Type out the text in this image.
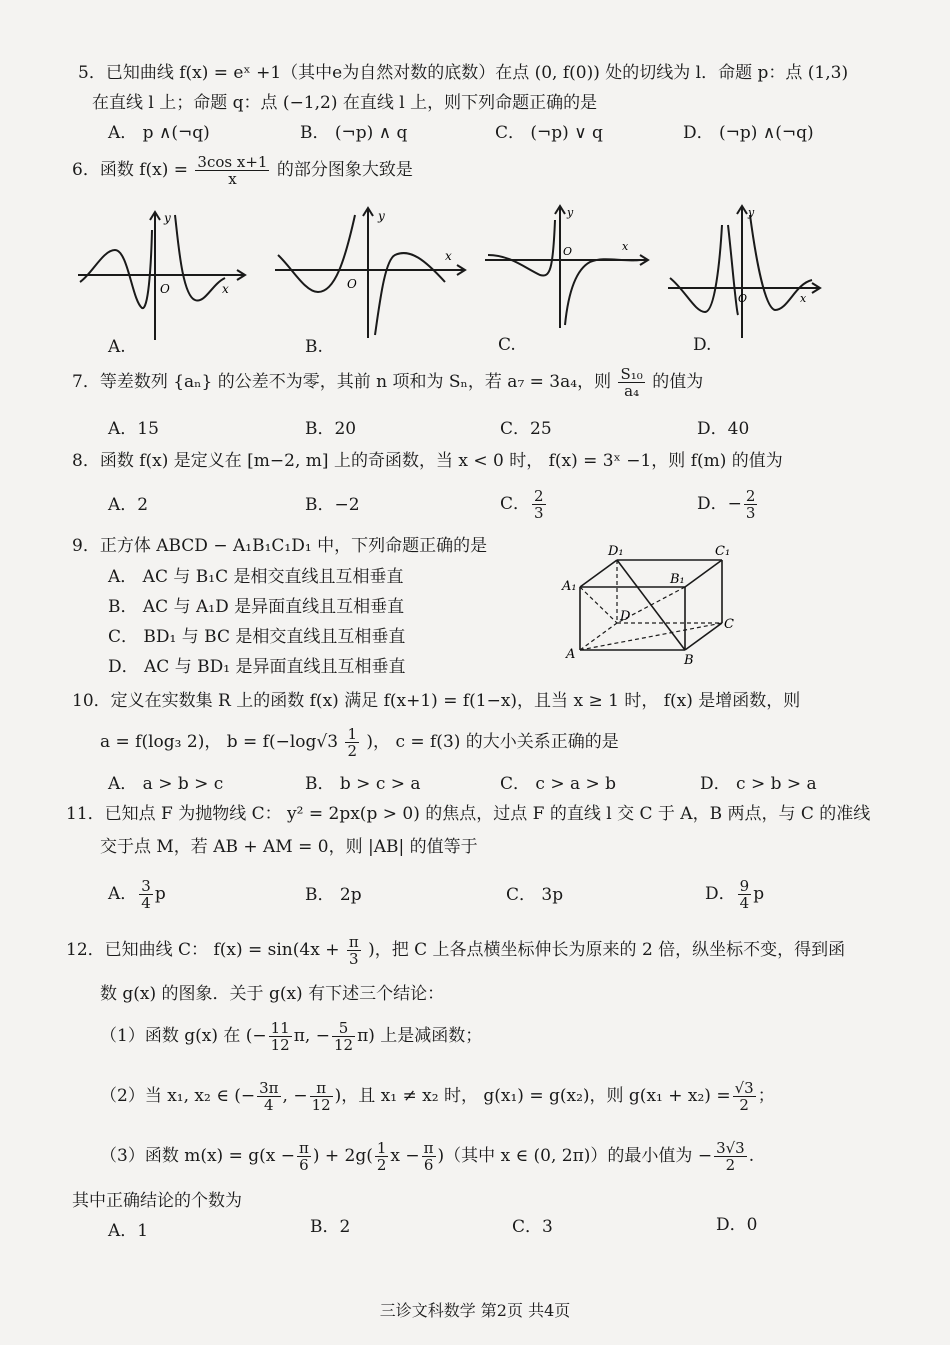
5．已知曲线 f(x) = eˣ +1（其中e为自然对数的底数）在点 (0, f(0)) 处的切线为 l．命题 p：点 (1,3)
在直线 l 上；命题 q：点 (−1,2) 在直线 l 上，则下列命题正确的是
A． p ∧(¬q)	B． (¬p) ∧ q	C． (¬p) ∨ q	D． (¬p) ∧(¬q)
6．函数 $f(x) = \frac{\text{3cos x+1}}{x}$ 的部分图象大致是
y
x
O
y
x
O
y
x
O
y
x
O
A.	B.	C.	D.
7．等差数列 {aₙ} 的公差不为零，其前 n 项和为 Sₙ，若 a₇ = 3a₄，则 $\frac{\text{S₁₀}}{\text{a₄}}$ 的值为
A．15	B．20	C．25	D．40
8．函数 f(x) 是定义在 [m−2, m] 上的奇函数，当 x < 0 时， f(x) = 3ˣ −1，则 f(m) 的值为
A．2	B．−2	C． $\frac{2}{3}$	D．− $\frac{2}{3}$
9．正方体 ABCD − A₁B₁C₁D₁ 中，下列命题正确的是
A． AC 与 B₁C 是相交直线且互相垂直
B． AC 与 A₁D 是异面直线且互相垂直
C． BD₁ 与 BC 是相交直线且互相垂直
D． AC 与 BD₁ 是异面直线且互相垂直
D₁	C₁
A₁	B₁
D
C
A	B
10．定义在实数集 R 上的函数 f(x) 满足 f(x+1) = f(1−x)，且当 x ≥ 1 时， f(x) 是增函数，则
a = f(log₃ 2)， $b = f(-\log√3 \frac{1}{2}$ )， c = f(3) 的大小关系正确的是
A． a > b > c	B． b > c > a	C． c > a > b	D． c > b > a
11．已知点 F 为抛物线 C： y² = 2px(p > 0) 的焦点，过点 F 的直线 l 交 C 于 A，B 两点，与 C 的准线
交于点 M，若 AB + AM = 0，则 |AB| 的值等于
A． $\frac{3}{4}$ p	B． 2p	C． 3p	D． $\frac{9}{4}$ p
12．已知曲线 C： $f(x) = \sin(4x + \frac{\pi}{3}$ )，把 C 上各点横坐标伸长为原来的 2 倍，纵坐标不变，得到函
数 g(x) 的图象．关于 g(x) 有下述三个结论：
（1）函数 g(x) 在 (− $\frac{11}{12} \pi$, − $\frac{5}{12} \pi$) 上是减函数；
（2）当 x₁, x₂ ∈ (− $\frac{3\pi}{4}$ , − $\frac{\pi}{12}$ )，且 x₁ ≠ x₂ 时， g(x₁) = g(x₂)，则 $g(x_1 + x_2) = \frac{√3}{2}$ ；
（3）函数 $m(x) = g(x - \frac{\pi}{6}$ ) + $2g( \frac{1}{2}$ $x - \frac{\pi}{6}$ )（其中 x ∈ (0, 2π)）的最小值为 − $\frac{3√3}{2}$ .
其中正确结论的个数为
A．1	B．2	C．3	D．0
三诊文科数学 第2页 共4页
